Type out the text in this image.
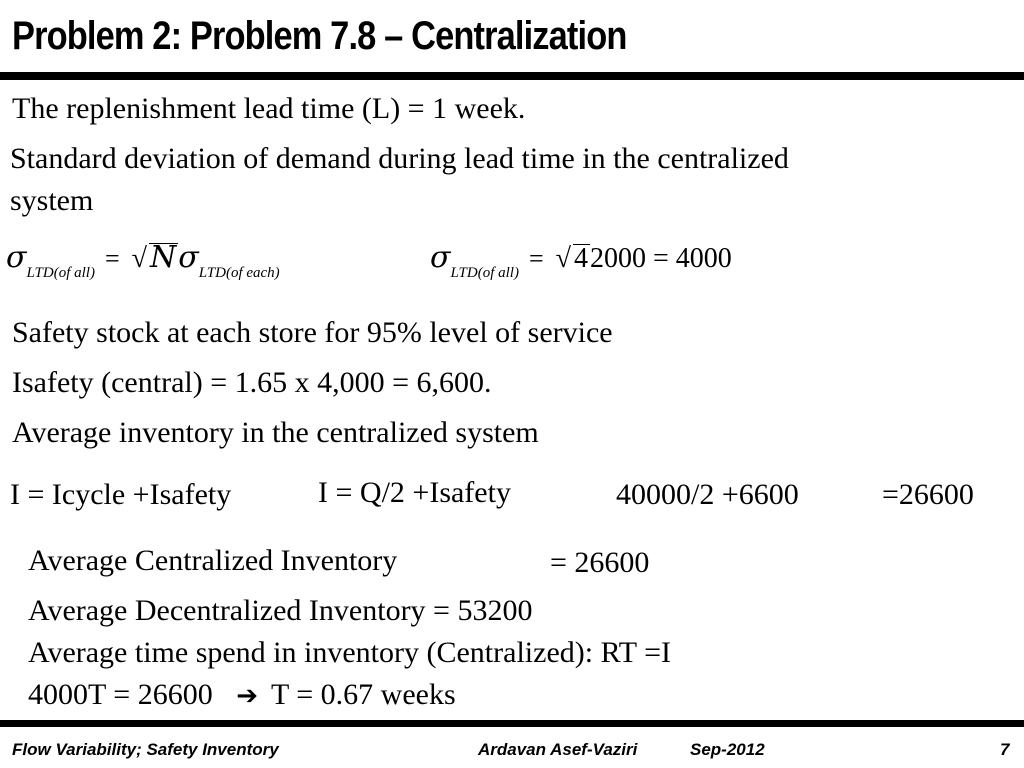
Problem 2: Problem 7.8 – Centralization
The replenishment lead time (L) = 1 week.
Standard deviation of demand during lead time in the centralized
system
σLTD(of all) = √ NσLTD(of each)	σLTD(of all) = √ 42000 = 4000
Safety stock at each store for 95% level of service
Isafety (central) = 1.65 x 4,000 = 6,600.
Average inventory in the centralized system
I = Icycle +Isafety	I = Q/2 +Isafety	40000/2 +6600	=26600
Average Centralized Inventory	= 26600
Average Decentralized Inventory = 53200
Average time spend in inventory (Centralized): RT =I
4000T = 26600 ➔ T = 0.67 weeks
Flow Variability; Safety Inventory	Ardavan Asef-Vaziri	Sep-2012	7
